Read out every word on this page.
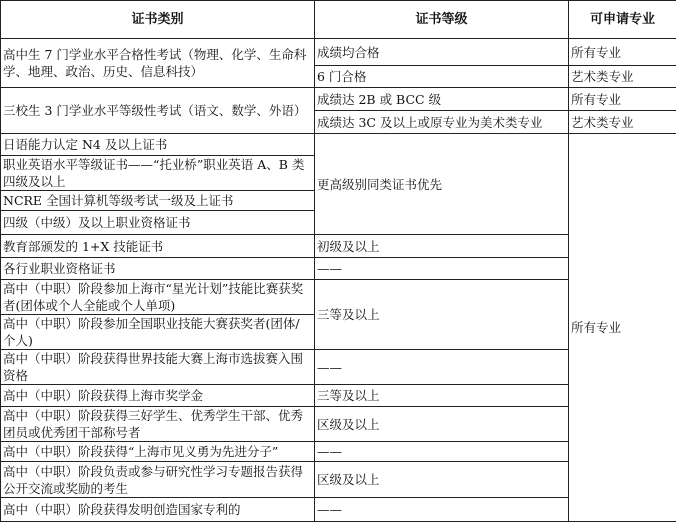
证书类别	证书等级	可申请专业
高中生 7 门学业水平合格性考试（物理、化学、生命科学、地理、政治、历史、信息科技）	成绩均合格	所有专业
	6 门合格	艺术类专业
三校生 3 门学业水平等级性考试（语文、数学、外语）	成绩达 2B 或 BCC 级	所有专业
	成绩达 3C 及以上或原专业为美术类专业	艺术类专业
日语能力认定 N4 及以上证书	更高级别同类证书优先	所有专业
职业英语水平等级证书——“托业桥”职业英语 A、B 类四级及以上		
NCRE 全国计算机等级考试一级及上证书		
四级（中级）及以上职业资格证书		
教育部颁发的 1+X 技能证书	初级及以上	
各行业职业资格证书	——	
高中（中职）阶段参加上海市“星光计划”技能比赛获奖者(团体或个人全能或个人单项)	三等及以上	
高中（中职）阶段参加全国职业技能大赛获奖者(团体/个人)		
高中（中职）阶段获得世界技能大赛上海市选拔赛入围资格	——	
高中（中职）阶段获得上海市奖学金	三等及以上	
高中（中职）阶段获得三好学生、优秀学生干部、优秀团员或优秀团干部称号者	区级及以上	
高中（中职）阶段获得“上海市见义勇为先进分子”	——	
高中（中职）阶段负责或参与研究性学习专题报告获得公开交流或奖励的考生	区级及以上	
高中（中职）阶段获得发明创造国家专利的	——	
